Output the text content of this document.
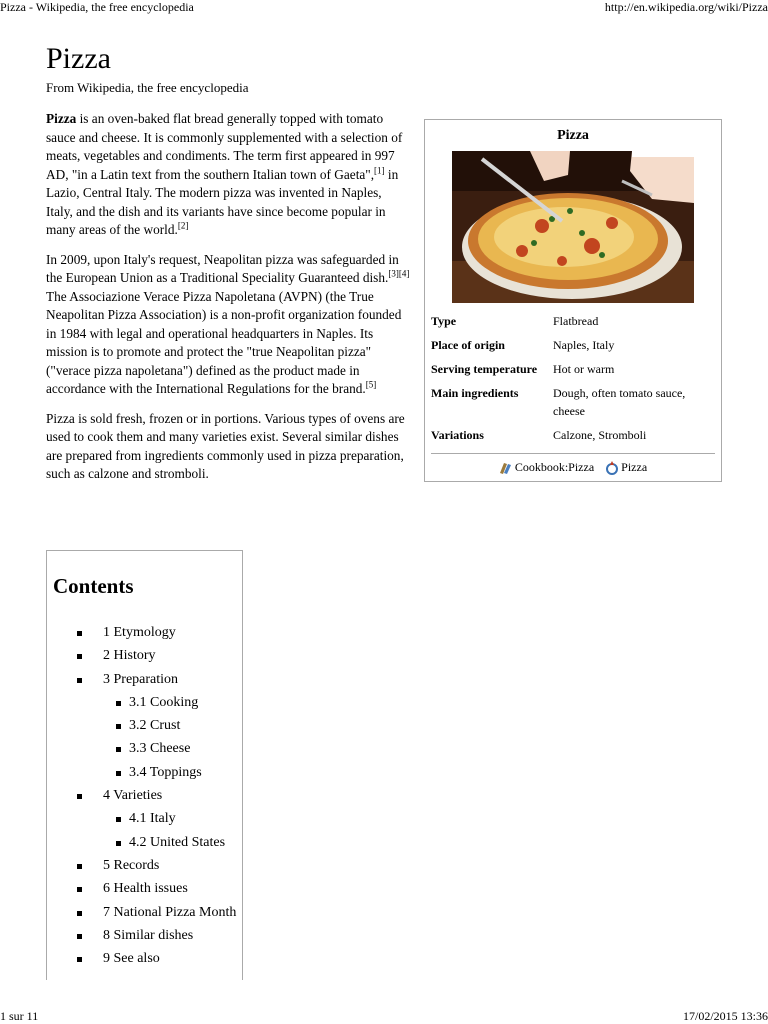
Pizza - Wikipedia, the free encyclopedia	http://en.wikipedia.org/wiki/Pizza
Pizza
From Wikipedia, the free encyclopedia
Pizza
Type	Flatbread
Place of origin	Naples, Italy
Serving temperature	Hot or warm
Main ingredients	Dough, often tomato sauce, cheese
Variations	Calzone, Stromboli
Cookbook:Pizza Pizza

Pizza is an oven-baked flat bread generally topped with tomato sauce and cheese. It is commonly supplemented with a selection of meats, vegetables and condiments. The term first appeared in 997 AD, "in a Latin text from the southern Italian town of Gaeta",[1] in Lazio, Central Italy. The modern pizza was invented in Naples, Italy, and the dish and its variants have since become popular in many areas of the world.[2]

In 2009, upon Italy's request, Neapolitan pizza was safeguarded in the European Union as a Traditional Speciality Guaranteed dish.[3][4] The Associazione Verace Pizza Napoletana (AVPN) (the True Neapolitan Pizza Association) is a non-profit organization founded in 1984 with legal and operational headquarters in Naples. Its mission is to promote and protect the "true Neapolitan pizza" ("verace pizza napoletana") defined as the product made in accordance with the International Regulations for the brand.[5]

Pizza is sold fresh, frozen or in portions. Various types of ovens are used to cook them and many varieties exist. Several similar dishes are prepared from ingredients commonly used in pizza preparation, such as calzone and stromboli.

Contents
1 Etymology
2 History
3 Preparation
3.1 Cooking
3.2 Crust
3.3 Cheese
3.4 Toppings
4 Varieties
4.1 Italy
4.2 United States
5 Records
6 Health issues
7 National Pizza Month
8 Similar dishes
9 See also
1 sur 11	17/02/2015 13:36
